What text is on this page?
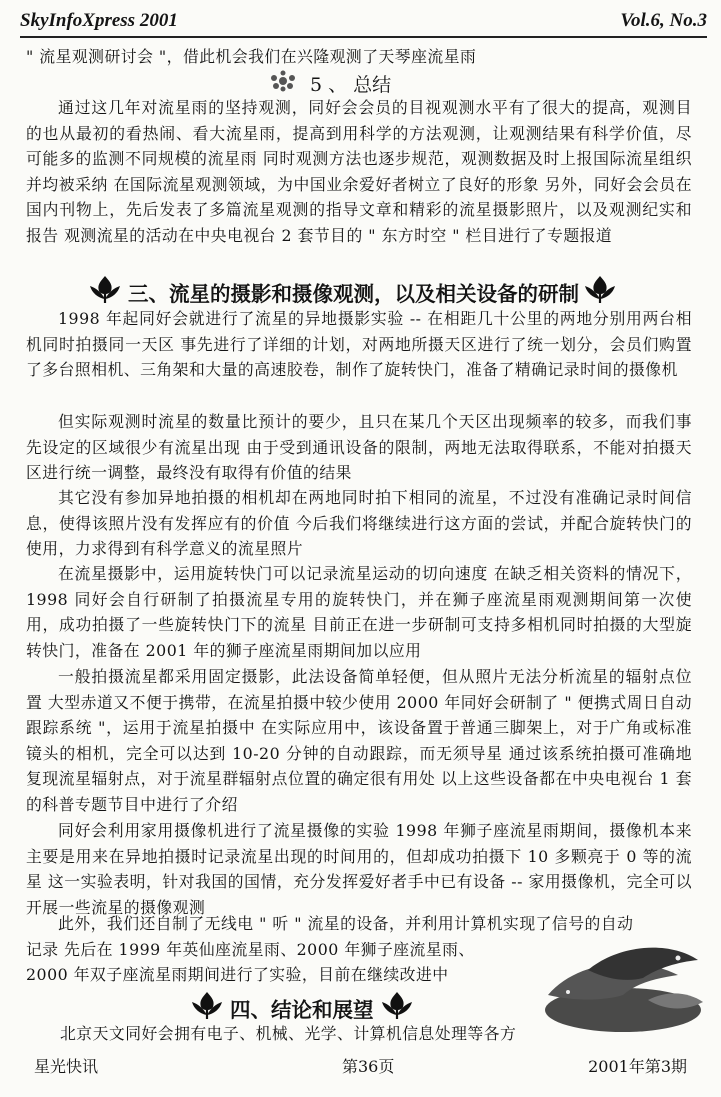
SkyInfoXpress 2001	Vol.6, No.3

" 流星观测研讨会 "，借此机会我们在兴隆观测了天琴座流星雨

5 、 总结

通过这几年对流星雨的坚持观测，同好会会员的目视观测水平有了很大的提高，观测目的也从最初的看热闹、看大流星雨，提高到用科学的方法观测，让观测结果有科学价值，尽可能多的监测不同规模的流星雨 同时观测方法也逐步规范，观测数据及时上报国际流星组织并均被采纳 在国际流星观测领域，为中国业余爱好者树立了良好的形象 另外，同好会会员在国内刊物上，先后发表了多篇流星观测的指导文章和精彩的流星摄影照片，以及观测纪实和报告 观测流星的活动在中央电视台 2 套节目的 " 东方时空 " 栏目进行了专题报道

三、流星的摄影和摄像观测，以及相关设备的研制

1998 年起同好会就进行了流星的异地摄影实验 -- 在相距几十公里的两地分别用两台相机同时拍摄同一天区 事先进行了详细的计划，对两地所摄天区进行了统一划分，会员们购置了多台照相机、三角架和大量的高速胶卷，制作了旋转快门，准备了精确记录时间的摄像机

但实际观测时流星的数量比预计的要少，且只在某几个天区出现频率的较多，而我们事先设定的区域很少有流星出现 由于受到通讯设备的限制，两地无法取得联系，不能对拍摄天区进行统一调整，最终没有取得有价值的结果

其它没有参加异地拍摄的相机却在两地同时拍下相同的流星，不过没有准确记录时间信息，使得该照片没有发挥应有的价值 今后我们将继续进行这方面的尝试，并配合旋转快门的使用，力求得到有科学意义的流星照片

在流星摄影中，运用旋转快门可以记录流星运动的切向速度 在缺乏相关资料的情况下，1998 同好会自行研制了拍摄流星专用的旋转快门，并在狮子座流星雨观测期间第一次使用，成功拍摄了一些旋转快门下的流星 目前正在进一步研制可支持多相机同时拍摄的大型旋转快门，准备在 2001 年的狮子座流星雨期间加以应用

一般拍摄流星都采用固定摄影，此法设备简单轻便，但从照片无法分析流星的辐射点位置 大型赤道又不便于携带，在流星拍摄中较少使用 2000 年同好会研制了 " 便携式周日自动跟踪系统 "，运用于流星拍摄中 在实际应用中，该设备置于普通三脚架上，对于广角或标准镜头的相机，完全可以达到 10-20 分钟的自动跟踪，而无须导星 通过该系统拍摄可准确地复现流星辐射点，对于流星群辐射点位置的确定很有用处 以上这些设备都在中央电视台 1 套的科普专题节目中进行了介绍

同好会利用家用摄像机进行了流星摄像的实验 1998 年狮子座流星雨期间，摄像机本来主要是用来在异地拍摄时记录流星出现的时间用的，但却成功拍摄下 10 多颗亮于 0 等的流星 这一实验表明，针对我国的国情，充分发挥爱好者手中已有设备 -- 家用摄像机，完全可以开展一些流星的摄像观测

此外，我们还自制了无线电 " 听 " 流星的设备，并利用计算机实现了信号的自动
记录 先后在 1999 年英仙座流星雨、2000 年狮子座流星雨、
2000 年双子座流星雨期间进行了实验，目前在继续改进中
四、结论和展望

北京天文同好会拥有电子、机械、光学、计算机信息处理等各方

星光快讯	第36页	2001年第3期
